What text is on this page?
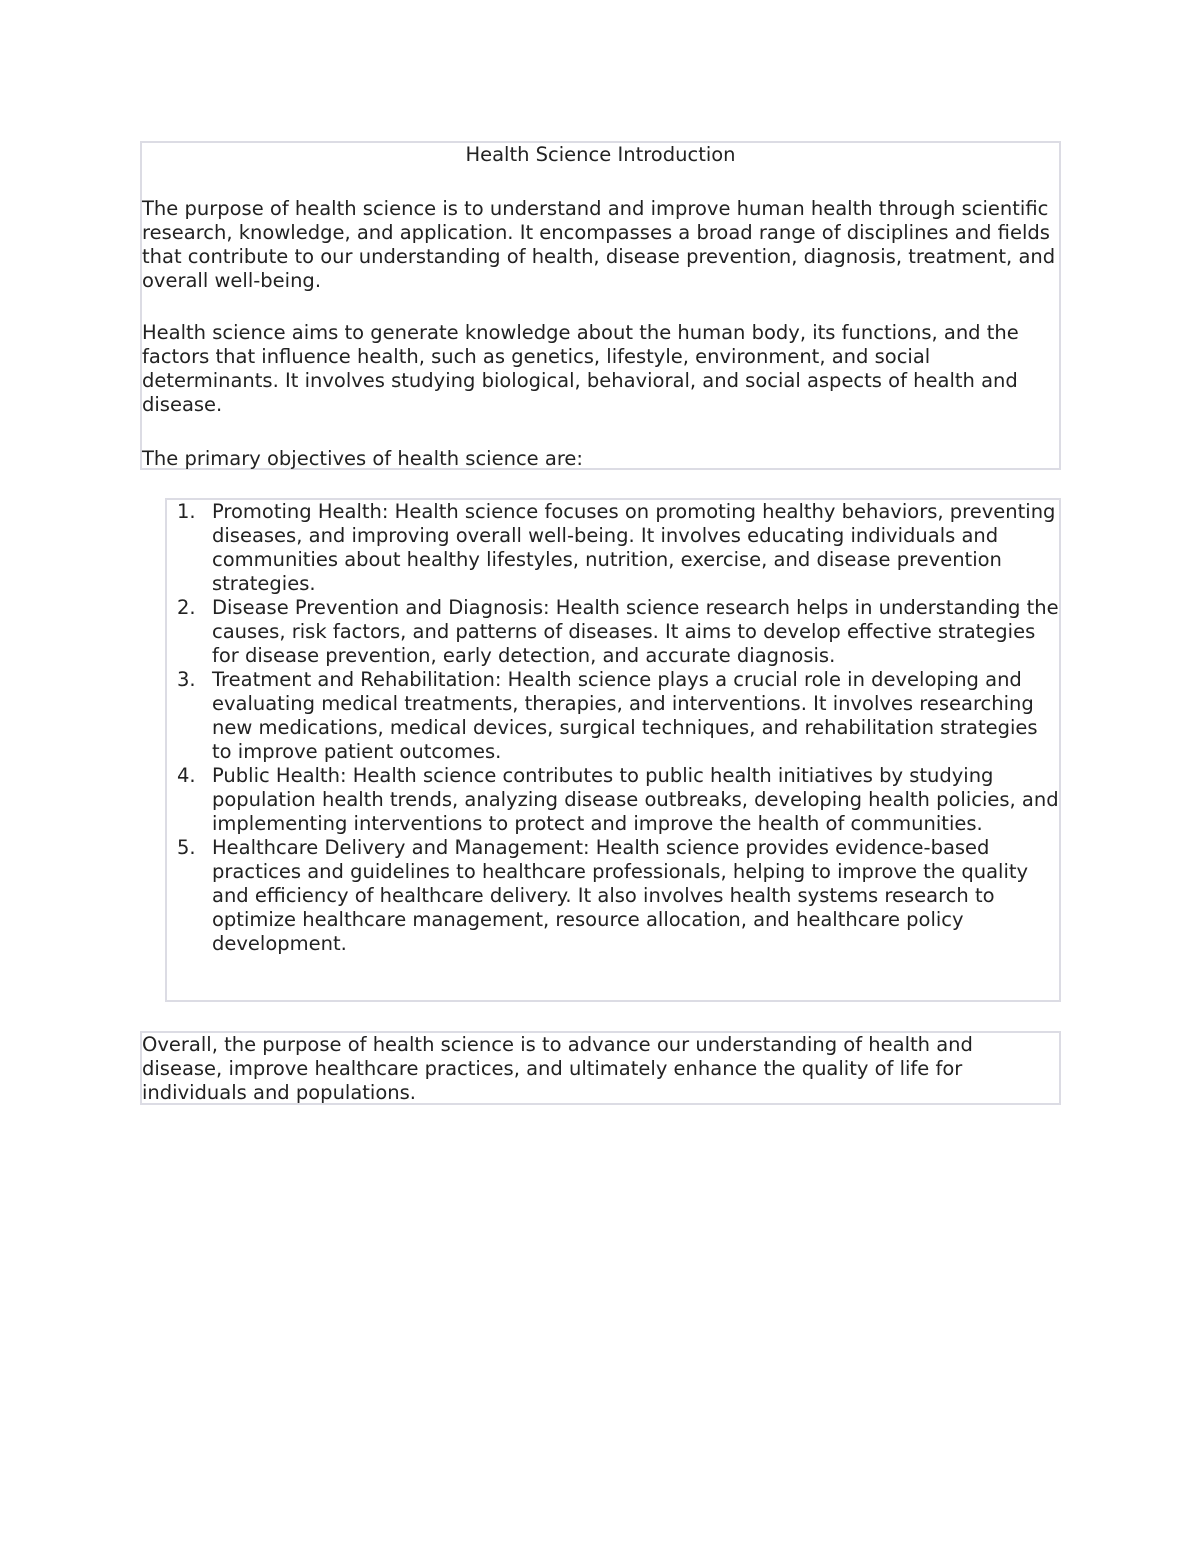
Health Science Introduction

The purpose of health science is to understand and improve human health through scientific research, knowledge, and application. It encompasses a broad range of disciplines and fields that contribute to our understanding of health, disease prevention, diagnosis, treatment, and overall well-being.

Health science aims to generate knowledge about the human body, its functions, and the factors that influence health, such as genetics, lifestyle, environment, and social determinants. It involves studying biological, behavioral, and social aspects of health and disease.

The primary objectives of health science are:

1. Promoting Health: Health science focuses on promoting healthy behaviors, preventing diseases, and improving overall well-being. It involves educating individuals and communities about healthy lifestyles, nutrition, exercise, and disease prevention strategies.
2. Disease Prevention and Diagnosis: Health science research helps in understanding the causes, risk factors, and patterns of diseases. It aims to develop effective strategies for disease prevention, early detection, and accurate diagnosis.
3. Treatment and Rehabilitation: Health science plays a crucial role in developing and evaluating medical treatments, therapies, and interventions. It involves researching new medications, medical devices, surgical techniques, and rehabilitation strategies to improve patient outcomes.
4. Public Health: Health science contributes to public health initiatives by studying population health trends, analyzing disease outbreaks, developing health policies, and implementing interventions to protect and improve the health of communities.
5. Healthcare Delivery and Management: Health science provides evidence-based practices and guidelines to healthcare professionals, helping to improve the quality and efficiency of healthcare delivery. It also involves health systems research to optimize healthcare management, resource allocation, and healthcare policy development.

Overall, the purpose of health science is to advance our understanding of health and disease, improve healthcare practices, and ultimately enhance the quality of life for individuals and populations.
